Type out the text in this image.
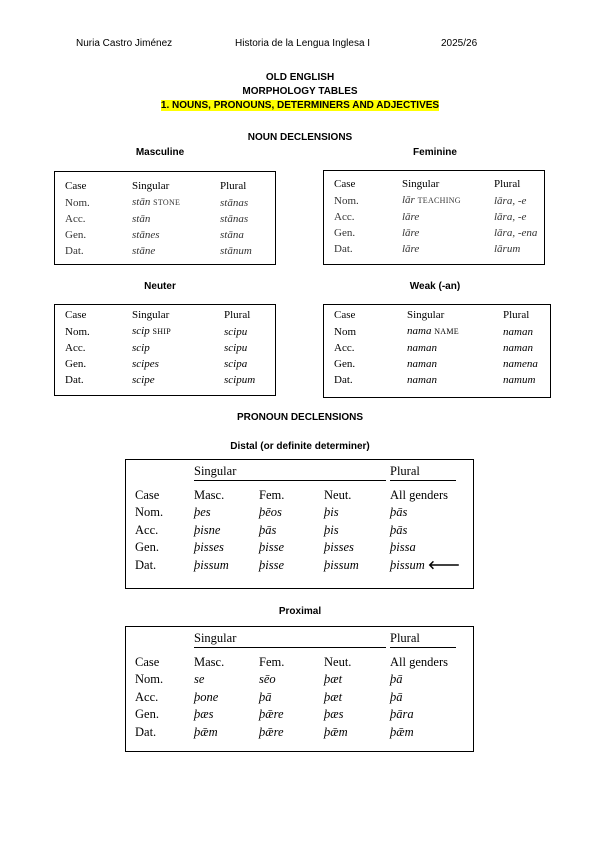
Nuria Castro Jiménez	Historia de la Lengua Inglesa I	2025/26
OLD ENGLISH
MORPHOLOGY TABLES
1. NOUNS, PRONOUNS, DETERMINERS AND ADJECTIVES
NOUN DECLENSIONS
Masculine
Case	Singular	Plural
Nom.	stān STONE	stānas
Acc.	stān	stānas
Gen.	stānes	stāna
Dat.	stāne	stānum
Feminine
Case	Singular	Plural
Nom.	lār TEACHING	lāra, -e
Acc.	lāre	lāra, -e
Gen.	lāre	lāra, -ena
Dat.	lāre	lārum
Neuter
Case	Singular	Plural
Nom.	scip SHIP	scipu
Acc.	scip	scipu
Gen.	scipes	scipa
Dat.	scipe	scipum
Weak (-an)
Case	Singular	Plural
Nom	nama NAME	naman
Acc.	naman	naman
Gen.	naman	namena
Dat.	naman	namum
PRONOUN DECLENSIONS
Distal (or definite determiner)
	Singular			Plural

Case	Masc.	Fem.	Neut.	All genders
Nom.	þes	þēos	þis	þās
Acc.	þisne	þās	þis	þās
Gen.	þisses	þisse	þisses	þissa
Dat.	þissum	þisse	þissum	þissum 🡐
Proximal
	Singular			Plural

Case	Masc.	Fem.	Neut.	All genders
Nom.	se	sēo	þæt	þā
Acc.	þone	þā	þæt	þā
Gen.	þæs	þǣre	þæs	þāra
Dat.	þǣm	þǣre	þǣm	þǣm
